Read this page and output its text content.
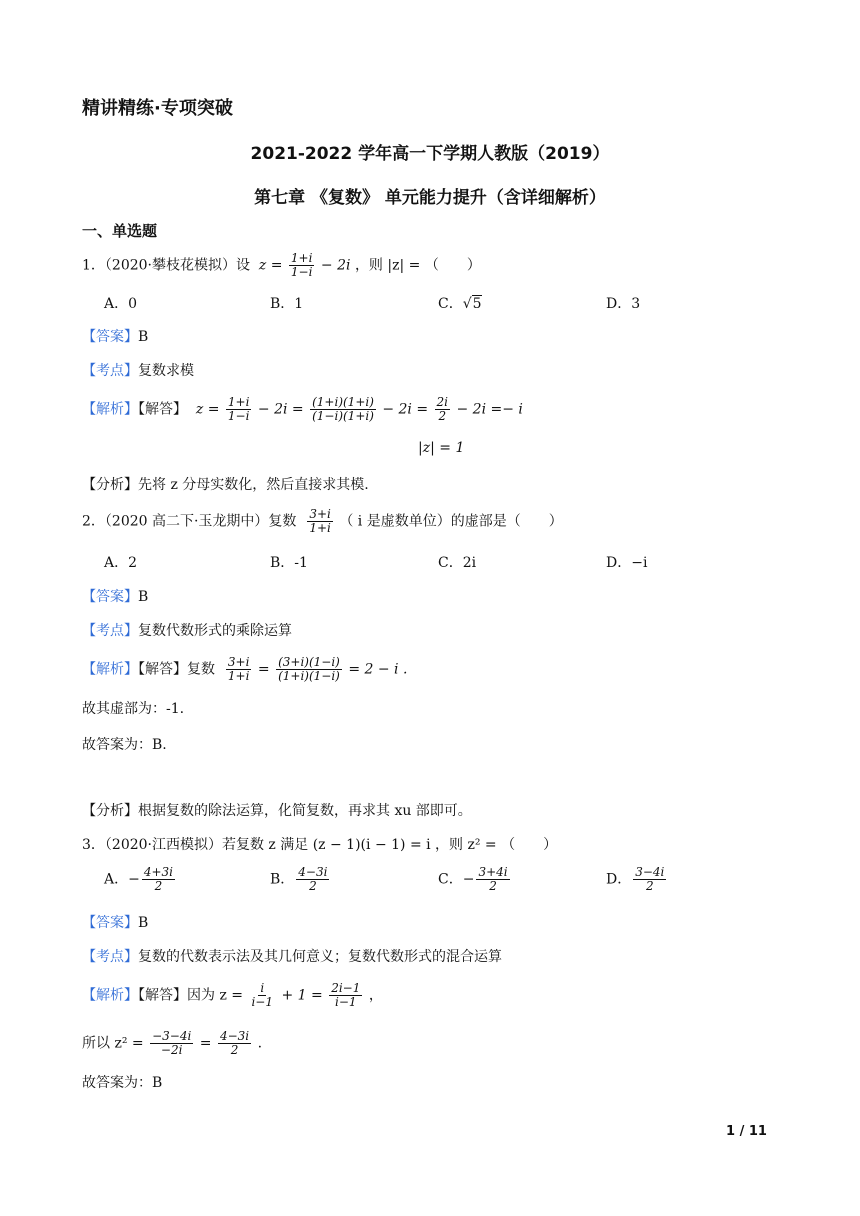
精讲精练·专项突破
2021-2022 学年高一下学期人教版（2019）
第七章 《复数》 单元能力提升（含详细解析）
一、单选题
1．（2020·攀枝花模拟）设 $z = \frac{1+i}{1-i} - 2i$ ，则 |z| = （　　）
A．0	B．1	C．√5	D．3
【答案】B
【考点】复数求模
【解析】【解答】 $z = \frac{1+i}{1-i} - 2i = \frac{(1+i)(1+i)}{(1-i)(1+i)} - 2i = \frac{2i}{2} - 2i =- i$
|z| = 1
【分析】先将 z 分母实数化，然后直接求其模.
2．（2020 高二下·玉龙期中）复数 $\frac{3+i}{1+i}$ （ i 是虚数单位）的虚部是（　　）
A．2	B．-1	C．2i	D．−i
【答案】B
【考点】复数代数形式的乘除运算
【解析】【解答】复数 $\frac{3+i}{1+i} = \frac{(3+i)(1-i)}{(1+i)(1-i)} = 2 - i$ .
故其虚部为：-1.
故答案为：B.
【分析】根据复数的除法运算，化简复数，再求其 xu 部即可。
3．（2020·江西模拟）若复数 z 满足 (z − 1)(i − 1) = i ，则 z² = （　　）
A．− $\frac{4+3i}{2}$	B． $\frac{4-3i}{2}$	C．− $\frac{3+4i}{2}$	D． $\frac{3-4i}{2}$
【答案】B
【考点】复数的代数表示法及其几何意义；复数代数形式的混合运算
【解析】【解答】因为 $z = \frac{i}{i-1} + 1 = \frac{2i-1}{i-1}$ ，
所以 $z^2 = \frac{-3-4i}{-2i} = \frac{4-3i}{2}$ .
故答案为：B
1 / 11
